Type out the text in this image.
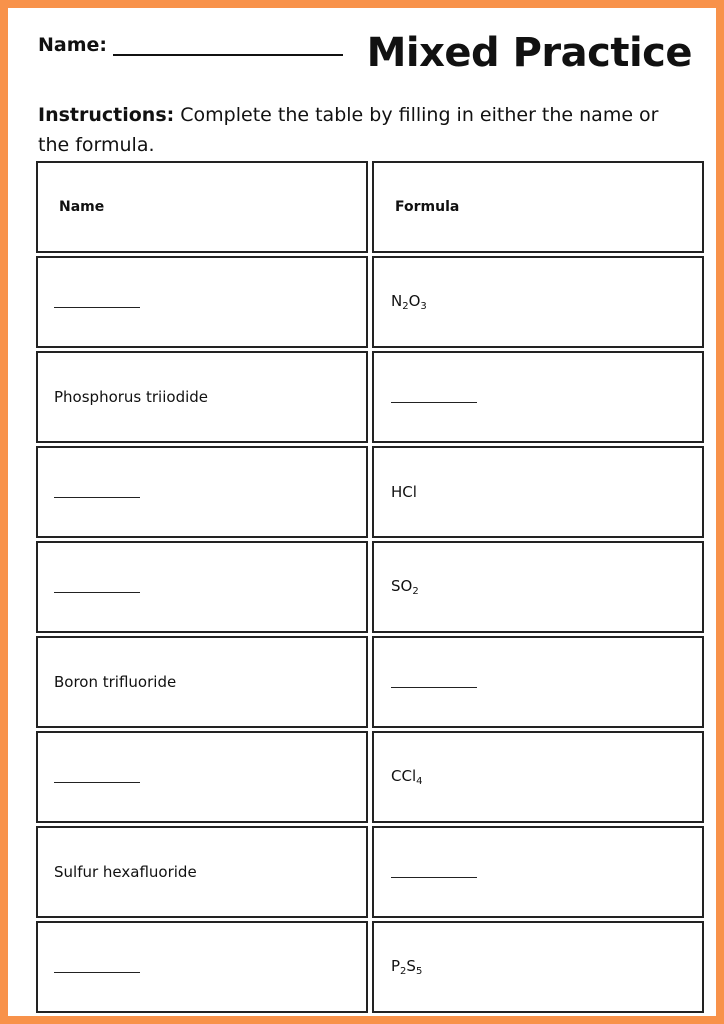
Name:	Mixed Practice
Instructions: Complete the table by filling in either the name or the formula.
Name	Formula
$N_2O_3$
Phosphorus triiodide
HCl
$SO_2$
Boron trifluoride
CCl$_4$
Sulfur hexafluoride
$P_2S_5$
